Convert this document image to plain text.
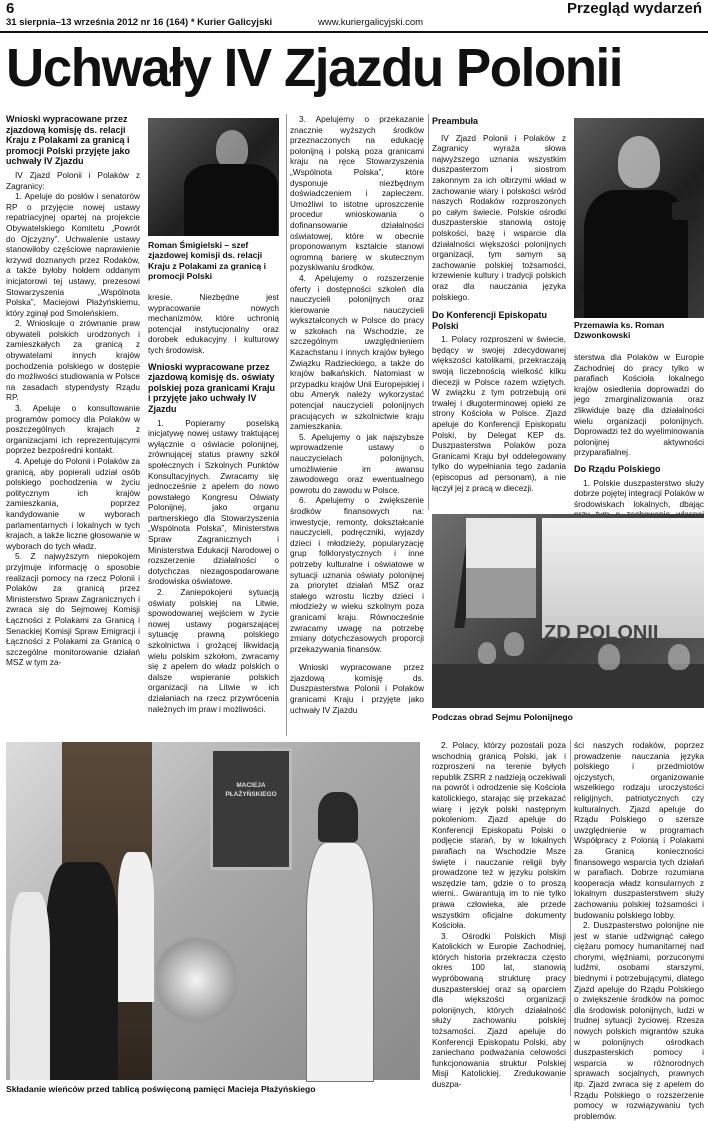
6	Przegląd wydarzeń
31 sierpnia–13 września 2012 nr 16 (164) * Kurier Galicyjski	www.kuriergalicyjski.com
Uchwały IV Zjazdu Polonii
Wnioski wypracowane przez zjazdową komisję ds. relacji Kraju z Polakami za granicą i promocji Polski przyjęte jako uchwały IV Zjazdu

IV Zjazd Polonii i Polaków z Zagranicy:

1. Apeluje do posłów i senatorów RP o przyjęcie nowej ustawy repatriacyjnej opartej na projekcie Obywatelskiego Komitetu „Powrót do Ojczyzny”. Uchwalenie ustawy stanowiłoby częściowe naprawienie krzywd doznanych przez Rodaków, a także byłoby hołdem oddanym inicjatorowi tej ustawy, prezesowi Stowarzyszenia „Wspólnota Polska”, Maciejowi Płażyńskiemu, który zginął pod Smoleńskiem.

2. Wnioskuje o zrównanie praw obywateli polskich urodzonych i zamieszkałych za granicą z obywatelami innych krajów pochodzenia polskiego w dostępie do możliwości studiowania w Polsce na zasadach stypendysty Rządu RP.

3. Apeluje o konsultowanie programów pomocy dla Polaków w poszczególnych krajach z organizacjami ich reprezentującymi poprzez bezpośredni kontakt.

4. Apeluje do Polonii i Polaków za granicą, aby popierali udział osób polskiego pochodzenia w życiu politycznym ich krajów zamieszkania, poprzez kandydowanie w wyborach parlamentarnych i lokalnych w tych krajach, a także liczne głosowanie w wyborach do tych władz.

5. Z najwyższym niepokojem przyjmuje informację o sposobie realizacji pomocy na rzecz Polonii i Polaków za granicą przez Ministerstwo Spraw Zagranicznych i zwraca się do Sejmowej Komisji Łączności z Polakami za Granicą i Senackiej Komisji Spraw Emigracji i Łączności z Polakami za Granicą o szczególne monitorowanie działań MSZ w tym za-

Roman Śmigielski – szef zjazdowej komisji ds. relacji Kraju z Polakami za granicą i promocji Polski
kresie. Niezbędne jest wypracowanie nowych mechanizmów, które uchronią potencjał instytucjonalny oraz dorobek edukacyjny i kulturowy tych środowisk.
Wnioski wypracowane przez zjazdową komisję ds. oświaty polskiej poza granicami Kraju i przyjęte jako uchwały IV Zjazdu

1. Popieramy poselską inicjatywę nowej ustawy traktującej wyłącznie o oświacie polonijnej, zrównującej status prawny szkół społecznych i Szkolnych Punktów Konsultacyjnych. Zwracamy się jednocześnie z apelem do nowo powstałego Kongresu Oświaty Polonijnej, jako organu partnerskiego dla Stowarzyszenia „Wspólnota Polska”, Ministerstwa Spraw Zagranicznych i Ministerstwa Edukacji Narodowej o rozszerzenie działalności o dotychczas niezagospodarowane środowiska oświatowe.

2. Zaniepokojeni sytuacją oświaty polskiej na Litwie, spowodowanej wejściem w życie nowej ustawy pogarszającej sytuację prawną polskiego szkolnictwa i grożącej likwidacją wielu polskim szkołom, zwracamy się z apelem do władz polskich o dalsze wspieranie polskich organizacji na Litwie w ich działaniach na rzecz przywrócenia należnych im praw i możliwości.

3. Apelujemy o przekazanie znacznie wyższych środków przeznaczonych na edukację polonijną i polską poza granicami kraju na ręce Stowarzyszenia „Wspólnota Polska”, które dysponuje niezbędnym doświadczeniem i zapleczem. Umożliwi to istotne uproszczenie procedur wnioskowania o dofinansowanie działalności oświatowej, które w obecnie proponowanym kształcie stanowi ogromną barierę w skutecznym pozyskiwaniu środków.

4. Apelujemy o rozszerzenie oferty i dostępności szkoleń dla nauczycieli polonijnych oraz kierowanie nauczycieli wykształconych w Polsce do pracy w szkołach na Wschodzie, ze szczególnym uwzględnieniem Kazachstanu i innych krajów byłego Związku Radzieckiego, a także do krajów bałkańskich. Natomiast w przypadku krajów Unii Europejskiej i obu Ameryk należy wykorzystać potencjał nauczycieli polonijnych pracujących w szkolnictwie kraju zamieszkania.

5. Apelujemy o jak najszybsze wprowadzenie ustawy o nauczycielach polonijnych, umożliwienie im awansu zawodowego oraz ewentualnego powrotu do zawodu w Polsce.

6. Apelujemy o zwiększenie środków finansowych na: inwestycje, remonty, dokształcanie nauczycieli, podręczniki, wyjazdy dzieci i młodzieży, popularyzację grup folklorystycznych i inne potrzeby kulturalne i oświatowe w sytuacji uznania oświaty polonijnej za priorytet działań MSZ oraz stałego wzrostu liczby dzieci i młodzieży w wieku szkolnym poza granicami kraju. Równocześnie zwracamy uwagę na potrzebę zmiany dotychczasowych proporcji przekazywania finansów.

Wnioski wypracowane przez zjazdową komisję ds. Duszpasterstwa Polonii i Polaków granicami Kraju i przyjęte jako uchwały IV Zjazdu

Preambuła

IV Zjazd Polonii i Polaków z Zagranicy wyraża słowa najwyższego uznania wszystkim duszpasterzom i siostrom zakonnym za ich olbrzymi wkład w zachowanie wiary i polskości wśród naszych Rodaków rozproszonych po całym świecie. Polskie ośrodki duszpasterskie stanowią ostoję polskości, bazę i wsparcie dla działalności większości polonijnych organizacji, tym samym są zachowanie polskiej tożsamości, krzewienie kultury i tradycji polskich oraz dla nauczania języka polskiego.

Do Konferencji Episkopatu Polski

1. Polacy rozproszeni w świecie, będący w swojej zdecydowanej większości katolikami, przekraczają swoją liczebnością wielkość kilku diecezji w Polsce razem wziętych. W związku z tym potrzebują oni trwałej i długoterminowej opieki ze strony Kościoła w Polsce. Zjazd apeluje do Konferencji Episkopatu Polski, by Delegat KEP ds. Duszpasterstwa Polaków poza Granicami Kraju był oddelegowany tylko do wypełniania tego zadania (episcopus ad personam), a nie łączył jej z pracą w diecezji.

Przemawia ks. Roman Dzwonkowski
sterstwa dla Polaków w Europie Zachodniej do pracy tylko w parafiach Kościoła lokalnego krajów osiedlenia doprowadzi do jego zmarginalizowania oraz zlikwiduje bazę dla działalności wielu organizacji polonijnych. Doprowadzi też do wyeliminowania polonijnej aktywności przyparafialnej.
Do Rządu Polskiego

1. Polskie duszpasterstwo służy dobrze pojętej integracji Polaków w środowiskach lokalnych, dbając

ZD POLONII
Podczas obrad Sejmu Polonijnego
MACIEJA
PŁAŻYŃSKIEGO
Składanie wieńców przed tablicą poświęconą pamięci Macieja Płażyńskiego

2. Polacy, którzy pozostali poza wschodnią granicą Polski, jak i rozproszeni na terenie byłych republik ZSRR z nadzieją oczekiwali na powrót i odrodzenie się Kościoła katolickiego, starając się przekazać wiarę i język polski następnym pokoleniom. Zjazd apeluje do Konferencji Episkopatu Polski o podjęcie starań, by w lokalnych parafiach na Wschodzie Msze święte i nauczanie religii były prowadzone też w języku polskim wszędzie tam, gdzie o to proszą wierni.. Gwarantują im to nie tylko prawa człowieka, ale przede wszystkim oficjalne dokumenty Kościoła.

3. Ośrodki Polskich Misji Katolickich w Europie Zachodniej, których historia przekracza często okres 100 lat, stanowią wypróbowaną strukturę pracy duszpasterskiej oraz są oparciem dla większości organizacji polonijnych, których działalność służy zachowaniu polskiej tożsamości. Zjazd apeluje do Konferencji Episkopatu Polski, aby zaniechano podważania celowości funkcjonowania struktur Polskiej Misji Katolickiej. Zredukowanie duszpa-

ści naszych rodaków, poprzez prowadzenie nauczania języka polskiego i przedmiotów ojczystych, organizowanie wszelkiego rodzaju uroczystości religijnych, patriotycznych czy kulturalnych. Zjazd apeluje do Rządu Polskiego o szersze uwzględnienie w programach Współpracy z Polonią i Polakami za Granicą konieczności finansowego wsparcia tych działań w parafiach. Dobrze rozumiana kooperacja władz konsularnych z lokalnym duszpasterstwem służy zachowaniu polskiej tożsamości i budowaniu polskiego lobby.

2. Duszpasterstwo polonijne nie jest w stanie udźwignąć całego ciężaru pomocy humanitarnej nad chorymi, więźniami, porzuconymi ludźmi, osobami starszymi, biednymi i potrzebującymi, dlatego Zjazd apeluje do Rządu Polskiego o zwiększenie środków na pomoc dla środowisk polonijnych, ludzi w trudnej sytuacji życiowej. Rzesza nowych polskich migrantów szuka w polonijnych ośrodkach duszpasterskich pomocy i wsparcia w różnorodnych sprawach socjalnych, prawnych itp. Zjazd zwraca się z apelem do Rządu Polskiego o rozszerzenie pomocy w rozwiązywaniu tych problemów.
